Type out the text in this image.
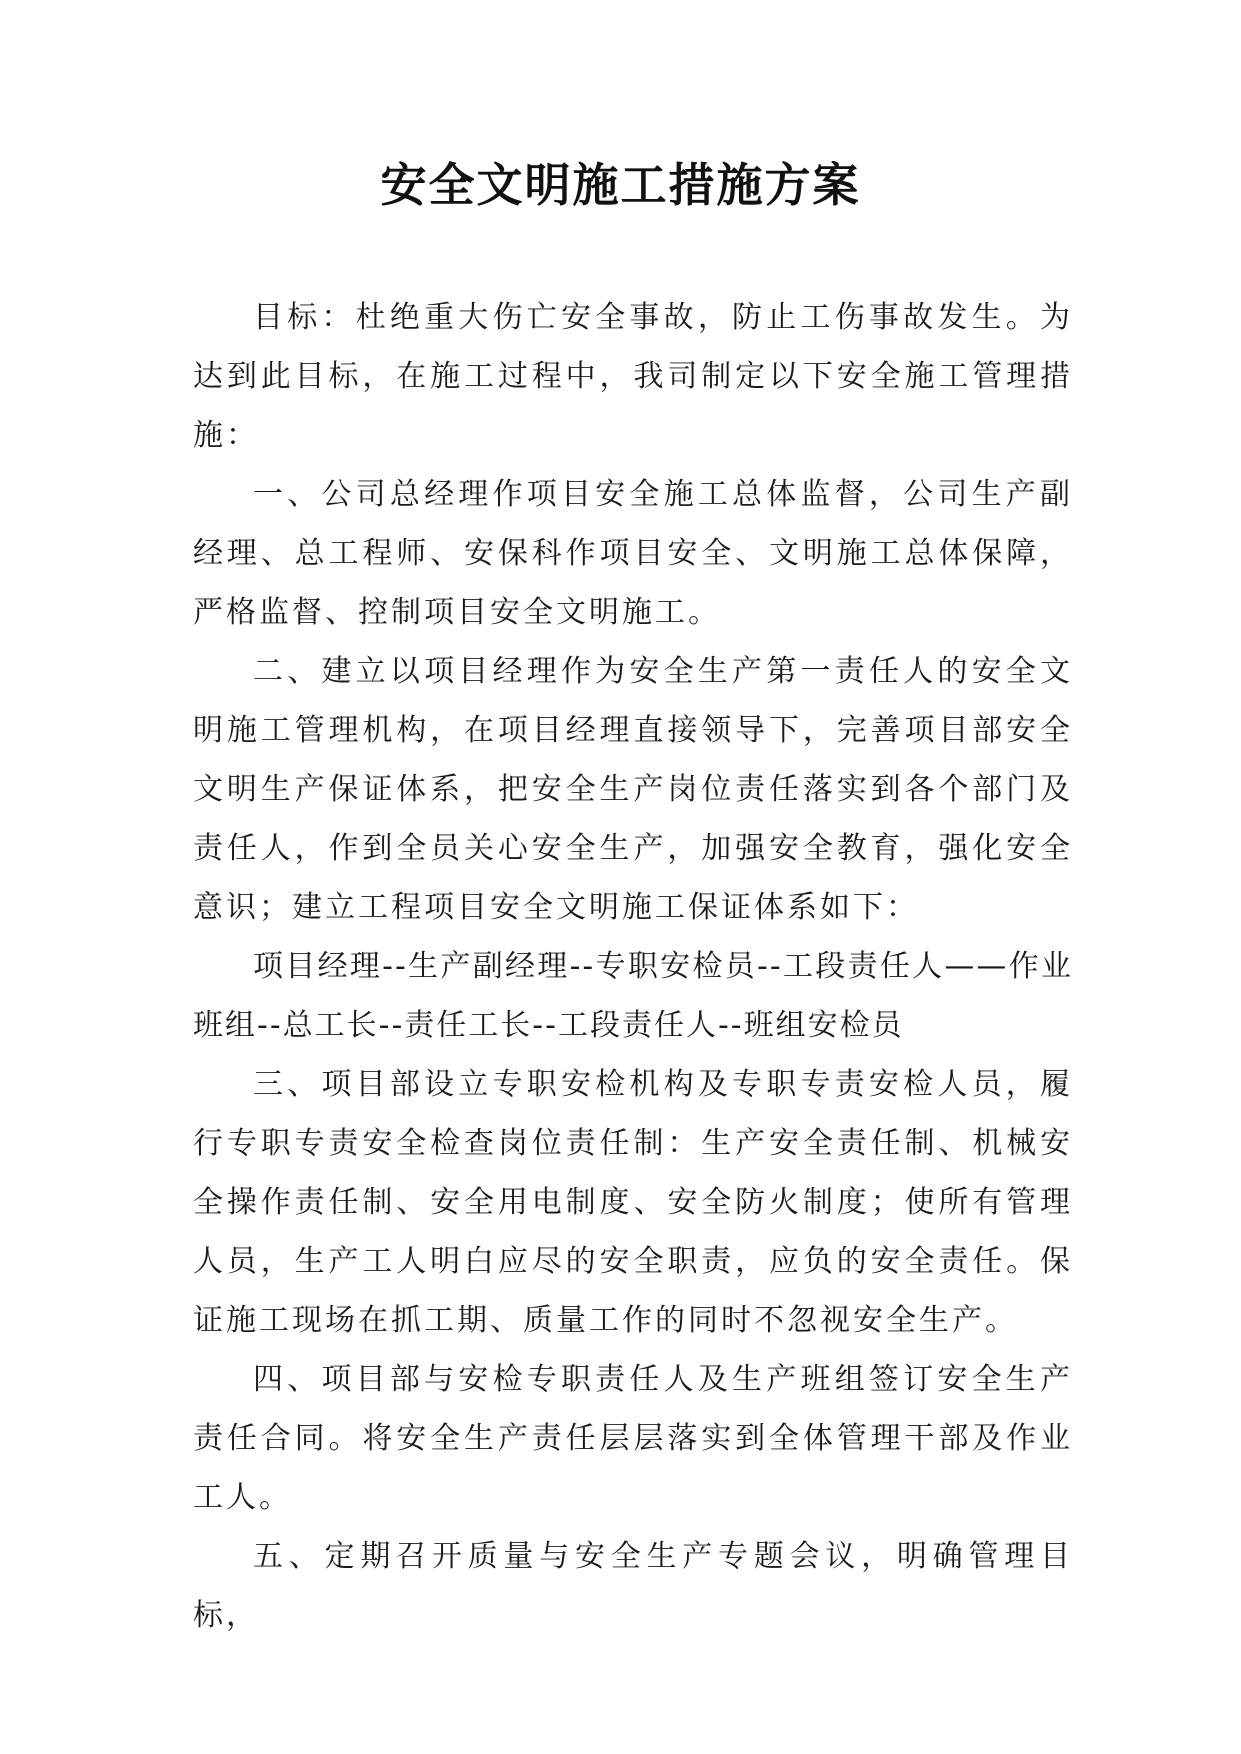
安全文明施工措施方案

目标：杜绝重大伤亡安全事故，防止工伤事故发生。为达到此目标，在施工过程中，我司制定以下安全施工管理措施：

一、公司总经理作项目安全施工总体监督，公司生产副经理、总工程师、安保科作项目安全、文明施工总体保障，严格监督、控制项目安全文明施工。

二、建立以项目经理作为安全生产第一责任人的安全文明施工管理机构，在项目经理直接领导下，完善项目部安全文明生产保证体系，把安全生产岗位责任落实到各个部门及责任人，作到全员关心安全生产，加强安全教育，强化安全意识；建立工程项目安全文明施工保证体系如下：

项目经理--生产副经理--专职安检员--工段责任人——作业班组--总工长--责任工长--工段责任人--班组安检员

三、项目部设立专职安检机构及专职专责安检人员，履行专职专责安全检查岗位责任制：生产安全责任制、机械安全操作责任制、安全用电制度、安全防火制度；使所有管理人员，生产工人明白应尽的安全职责，应负的安全责任。保证施工现场在抓工期、质量工作的同时不忽视安全生产。

四、项目部与安检专职责任人及生产班组签订安全生产责任合同。将安全生产责任层层落实到全体管理干部及作业工人。

五、定期召开质量与安全生产专题会议，明确管理目标，
